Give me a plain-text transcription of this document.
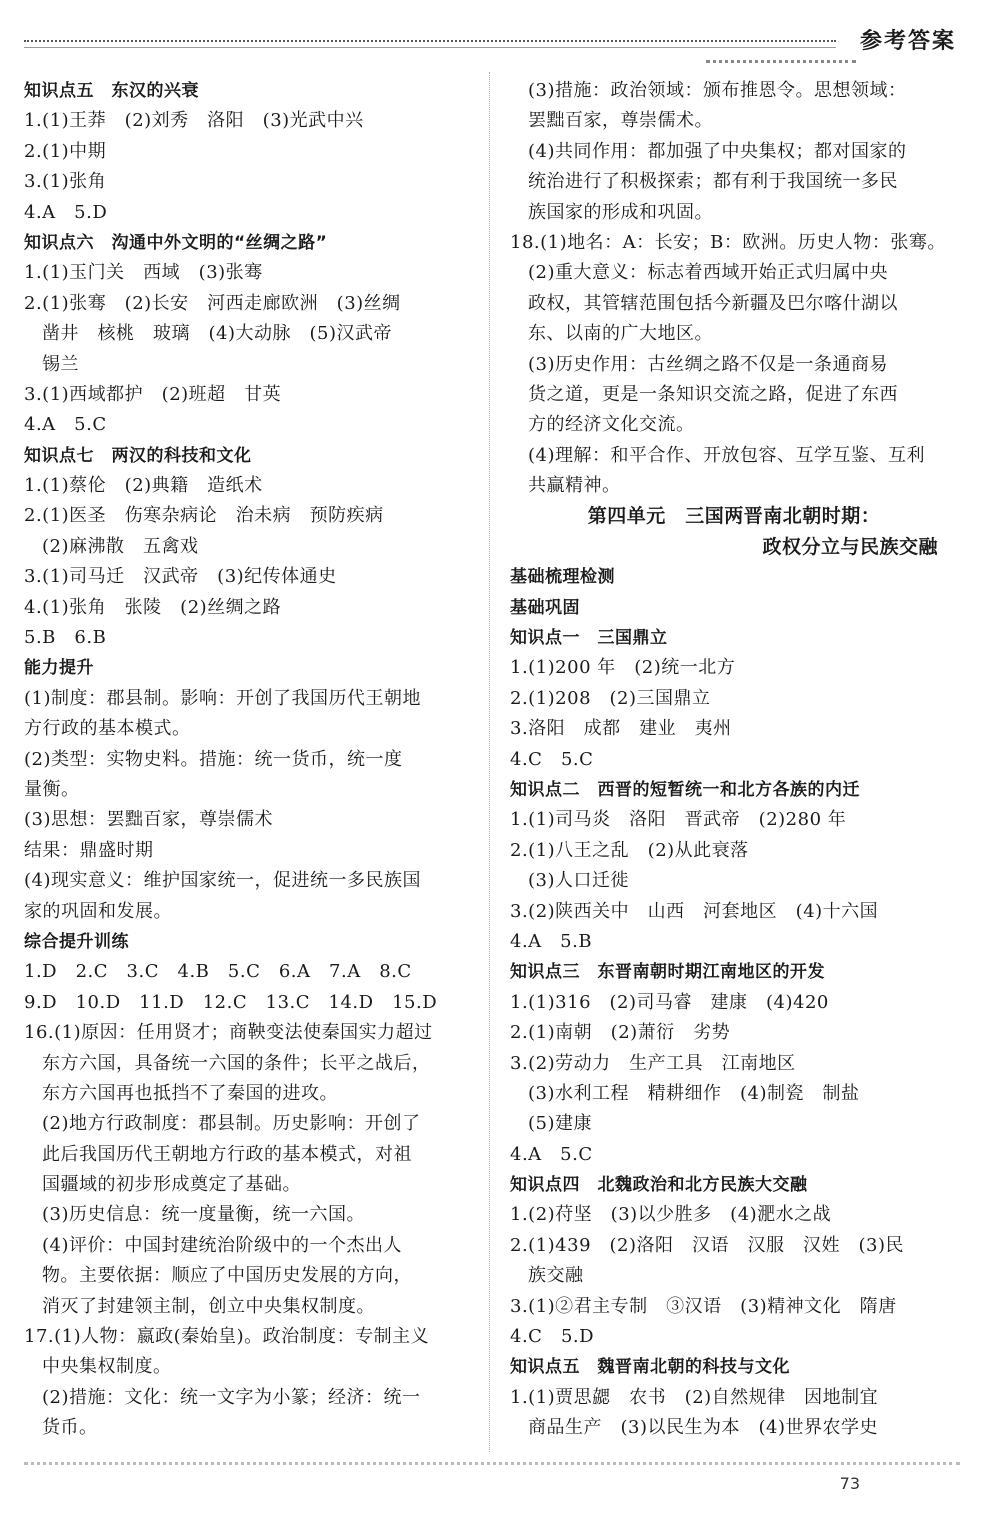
参考答案
知识点五　东汉的兴衰
1.(1)王莽　(2)刘秀　洛阳　(3)光武中兴
2.(1)中期
3.(1)张角
4.A　5.D
知识点六　沟通中外文明的“丝绸之路”
1.(1)玉门关　西域　(3)张骞
2.(1)张骞　(2)长安　河西走廊欧洲　(3)丝绸
凿井　核桃　玻璃　(4)大动脉　(5)汉武帝
锡兰
3.(1)西域都护　(2)班超　甘英
4.A　5.C
知识点七　两汉的科技和文化
1.(1)蔡伦　(2)典籍　造纸术
2.(1)医圣　伤寒杂病论　治未病　预防疾病
(2)麻沸散　五禽戏
3.(1)司马迁　汉武帝　(3)纪传体通史
4.(1)张角　张陵　(2)丝绸之路
5.B　6.B
能力提升
(1)制度：郡县制。影响：开创了我国历代王朝地
方行政的基本模式。
(2)类型：实物史料。措施：统一货币，统一度
量衡。
(3)思想：罢黜百家，尊崇儒术
结果：鼎盛时期
(4)现实意义：维护国家统一，促进统一多民族国
家的巩固和发展。
综合提升训练
1.D　2.C　3.C　4.B　5.C　6.A　7.A　8.C
9.D　10.D　11.D　12.C　13.C　14.D　15.D
16.(1)原因：任用贤才；商鞅变法使秦国实力超过
东方六国，具备统一六国的条件；长平之战后，
东方六国再也抵挡不了秦国的进攻。
(2)地方行政制度：郡县制。历史影响：开创了
此后我国历代王朝地方行政的基本模式，对祖
国疆域的初步形成奠定了基础。
(3)历史信息：统一度量衡，统一六国。
(4)评价：中国封建统治阶级中的一个杰出人
物。主要依据：顺应了中国历史发展的方向，
消灭了封建领主制，创立中央集权制度。
17.(1)人物：嬴政(秦始皇)。政治制度：专制主义
中央集权制度。
(2)措施：文化：统一文字为小篆；经济：统一
货币。
(3)措施：政治领域：颁布推恩令。思想领域：
罢黜百家，尊崇儒术。
(4)共同作用：都加强了中央集权；都对国家的
统治进行了积极探索；都有利于我国统一多民
族国家的形成和巩固。
18.(1)地名：A：长安；B：欧洲。历史人物：张骞。
(2)重大意义：标志着西域开始正式归属中央
政权，其管辖范围包括今新疆及巴尔喀什湖以
东、以南的广大地区。
(3)历史作用：古丝绸之路不仅是一条通商易
货之道，更是一条知识交流之路，促进了东西
方的经济文化交流。
(4)理解：和平合作、开放包容、互学互鉴、互利
共赢精神。
第四单元　三国两晋南北朝时期：
政权分立与民族交融
基础梳理检测
基础巩固
知识点一　三国鼎立
1.(1)200 年　(2)统一北方
2.(1)208　(2)三国鼎立
3.洛阳　成都　建业　夷州
4.C　5.C
知识点二　西晋的短暂统一和北方各族的内迁
1.(1)司马炎　洛阳　晋武帝　(2)280 年
2.(1)八王之乱　(2)从此衰落
(3)人口迁徙
3.(2)陕西关中　山西　河套地区　(4)十六国
4.A　5.B
知识点三　东晋南朝时期江南地区的开发
1.(1)316　(2)司马睿　建康　(4)420
2.(1)南朝　(2)萧衍　劣势
3.(2)劳动力　生产工具　江南地区
(3)水利工程　精耕细作　(4)制瓷　制盐
(5)建康
4.A　5.C
知识点四　北魏政治和北方民族大交融
1.(2)苻坚　(3)以少胜多　(4)淝水之战
2.(1)439　(2)洛阳　汉语　汉服　汉姓　(3)民
族交融
3.(1)②君主专制　③汉语　(3)精神文化　隋唐
4.C　5.D
知识点五　魏晋南北朝的科技与文化
1.(1)贾思勰　农书　(2)自然规律　因地制宜
商品生产　(3)以民生为本　(4)世界农学史
73
